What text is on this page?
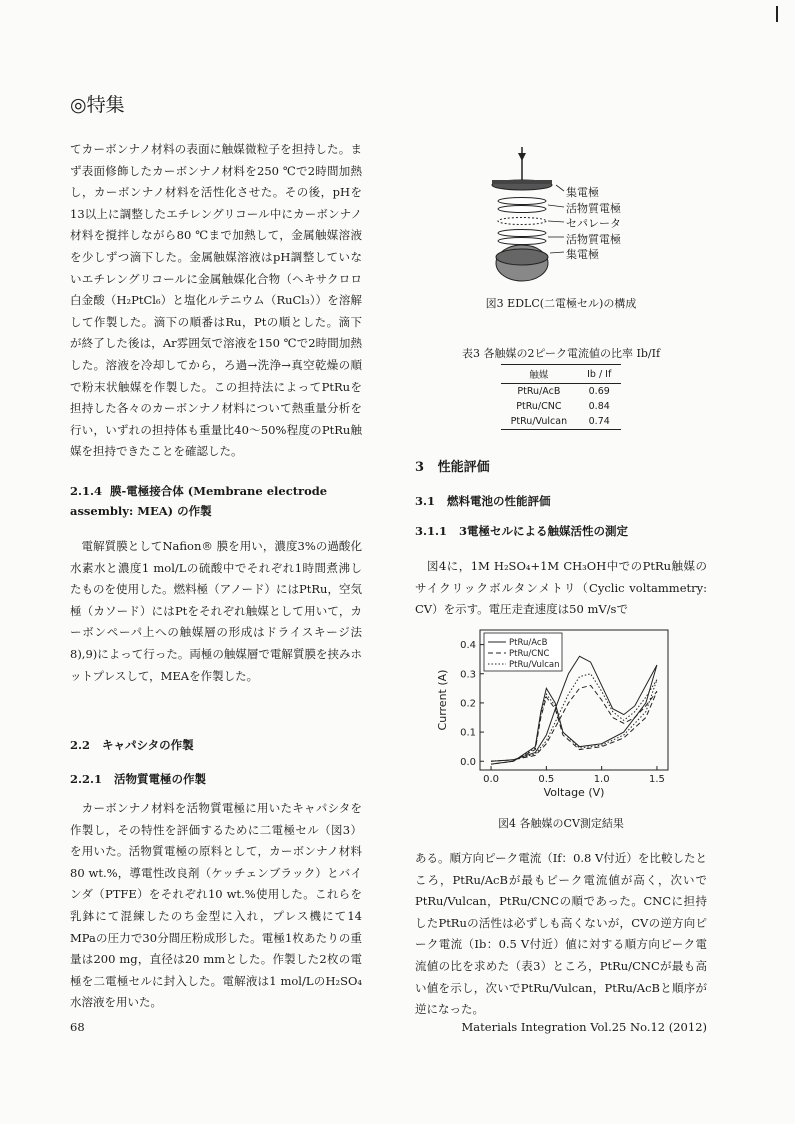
◎特集

てカーボンナノ材料の表面に触媒微粒子を担持した。まず表面修飾したカーボンナノ材料を250 ℃で2時間加熱し，カーボンナノ材料を活性化させた。その後，pHを13以上に調整したエチレングリコール中にカーボンナノ材料を撹拌しながら80 ℃まで加熱して，金属触媒溶液を少しずつ滴下した。金属触媒溶液はpH調整していないエチレングリコールに金属触媒化合物（ヘキサクロロ白金酸（H₂PtCl₆）と塩化ルテニウム（RuCl₃））を溶解して作製した。滴下の順番はRu，Ptの順とした。滴下が終了した後は，Ar雰囲気で溶液を150 ℃で2時間加熱した。溶液を冷却してから，ろ過→洗浄→真空乾燥の順で粉末状触媒を作製した。この担持法によってPtRuを担持した各々のカーボンナノ材料について熱重量分析を行い，いずれの担持体も重量比40～50%程度のPtRu触媒を担持できたことを確認した。

2.1.4 膜-電極接合体 (Membrane electrode assembly: MEA) の作製

電解質膜としてNafion® 膜を用い，濃度3%の過酸化水素水と濃度1 mol/Lの硫酸中でそれぞれ1時間煮沸したものを使用した。燃料極（アノード）にはPtRu，空気極（カソード）にはPtをそれぞれ触媒として用いて，カーボンペーパ上への触媒層の形成はドライスキージ法8),9)によって行った。両極の触媒層で電解質膜を挟みホットプレスして，MEAを作製した。

2.2 キャパシタの作製

2.2.1 活物質電極の作製

カーボンナノ材料を活物質電極に用いたキャパシタを作製し，その特性を評価するために二電極セル（図3）を用いた。活物質電極の原料として，カーボンナノ材料80 wt.%，導電性改良剤（ケッチェンブラック）とバインダ（PTFE）をそれぞれ10 wt.%使用した。これらを乳鉢にて混練したのち金型に入れ，プレス機にて14 MPaの圧力で30分間圧粉成形した。電極1枚あたりの重量は200 mg，直径は20 mmとした。作製した2枚の電極を二電極セルに封入した。電解液は1 mol/LのH₂SO₄水溶液を用いた。

集電極
活物質電極
セパレータ
活物質電極
集電極
図3 EDLC(二電極セル)の構成
表3 各触媒の2ピーク電流値の比率 Ib/If
触媒	Ib / If
PtRu/AcB	0.69
PtRu/CNC	0.84
PtRu/Vulcan	0.74

3 性能評価

3.1 燃料電池の性能評価

3.1.1 3電極セルによる触媒活性の測定

図4に，1M H₂SO₄+1M CH₃OH中でのPtRu触媒のサイクリックボルタンメトリ（Cyclic voltammetry: CV）を示す。電圧走査速度は50 mV/sで

0.0	0.5	1.0	1.5
0.0
0.1
0.2
0.3
0.4
Voltage (V)
Current (A)
PtRu/AcB
PtRu/CNC
PtRu/Vulcan
図4 各触媒のCV測定結果

ある。順方向ピーク電流（If：0.8 V付近）を比較したところ，PtRu/AcBが最もピーク電流値が高く，次いでPtRu/Vulcan，PtRu/CNCの順であった。CNCに担持したPtRuの活性は必ずしも高くないが，CVの逆方向ピーク電流（Ib：0.5 V付近）値に対する順方向ピーク電流値の比を求めた（表3）ところ，PtRu/CNCが最も高い値を示し，次いでPtRu/Vulcan，PtRu/AcBと順序が逆になった。

68	Materials Integration Vol.25 No.12 (2012)
